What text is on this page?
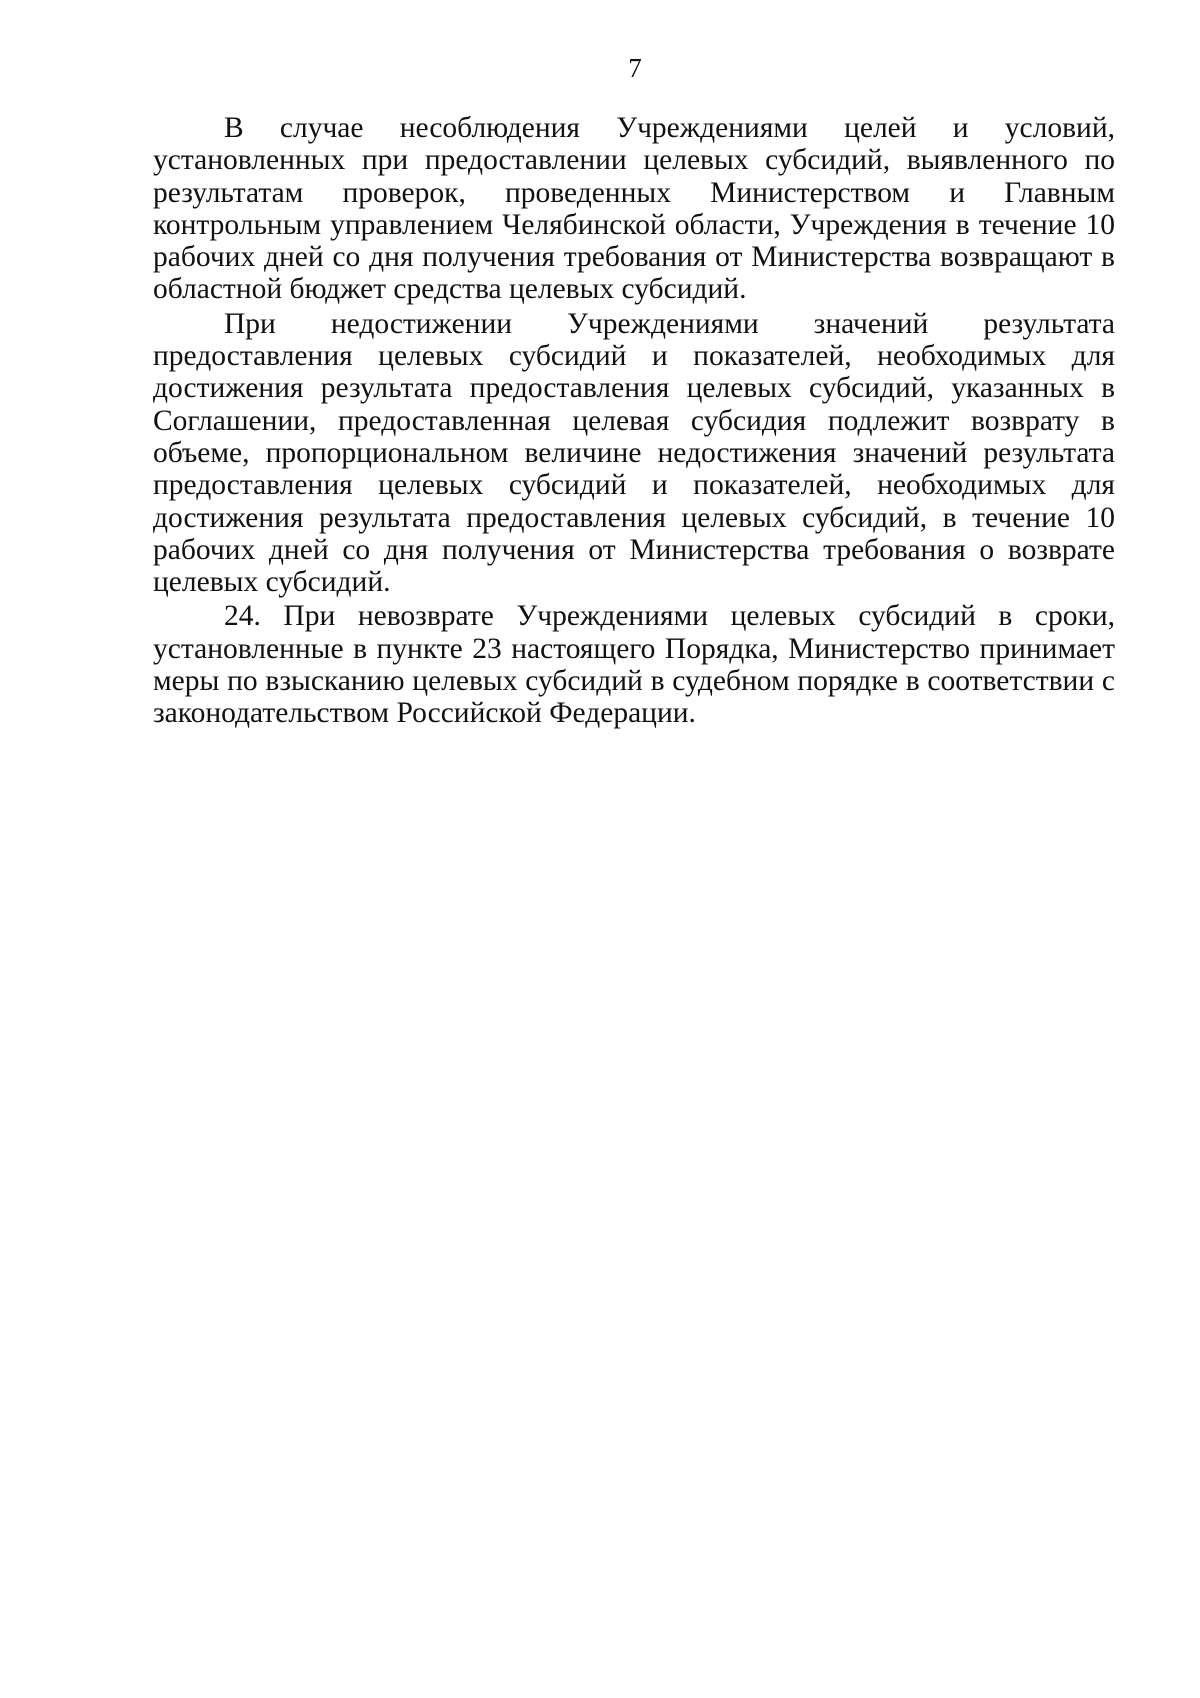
7

В случае несоблюдения Учреждениями целей и условий, установленных при предоставлении целевых субсидий, выявленного по результатам проверок, проведенных Министерством и Главным контрольным управлением Челябинской области, Учреждения в течение 10 рабочих дней со дня получения требования от Министерства возвращают в областной бюджет средства целевых субсидий.

При недостижении Учреждениями значений результата предоставления целевых субсидий и показателей, необходимых для достижения результата предоставления целевых субсидий, указанных в Соглашении, предоставленная целевая субсидия подлежит возврату в объеме, пропорциональном величине недостижения значений результата предоставления целевых субсидий и показателей, необходимых для достижения результата предоставления целевых субсидий, в течение 10 рабочих дней со дня получения от Министерства требования о возврате целевых субсидий.

24. При невозврате Учреждениями целевых субсидий в сроки, установленные в пункте 23 настоящего Порядка, Министерство принимает меры по взысканию целевых субсидий в судебном порядке в соответствии с законодательством Российской Федерации.
